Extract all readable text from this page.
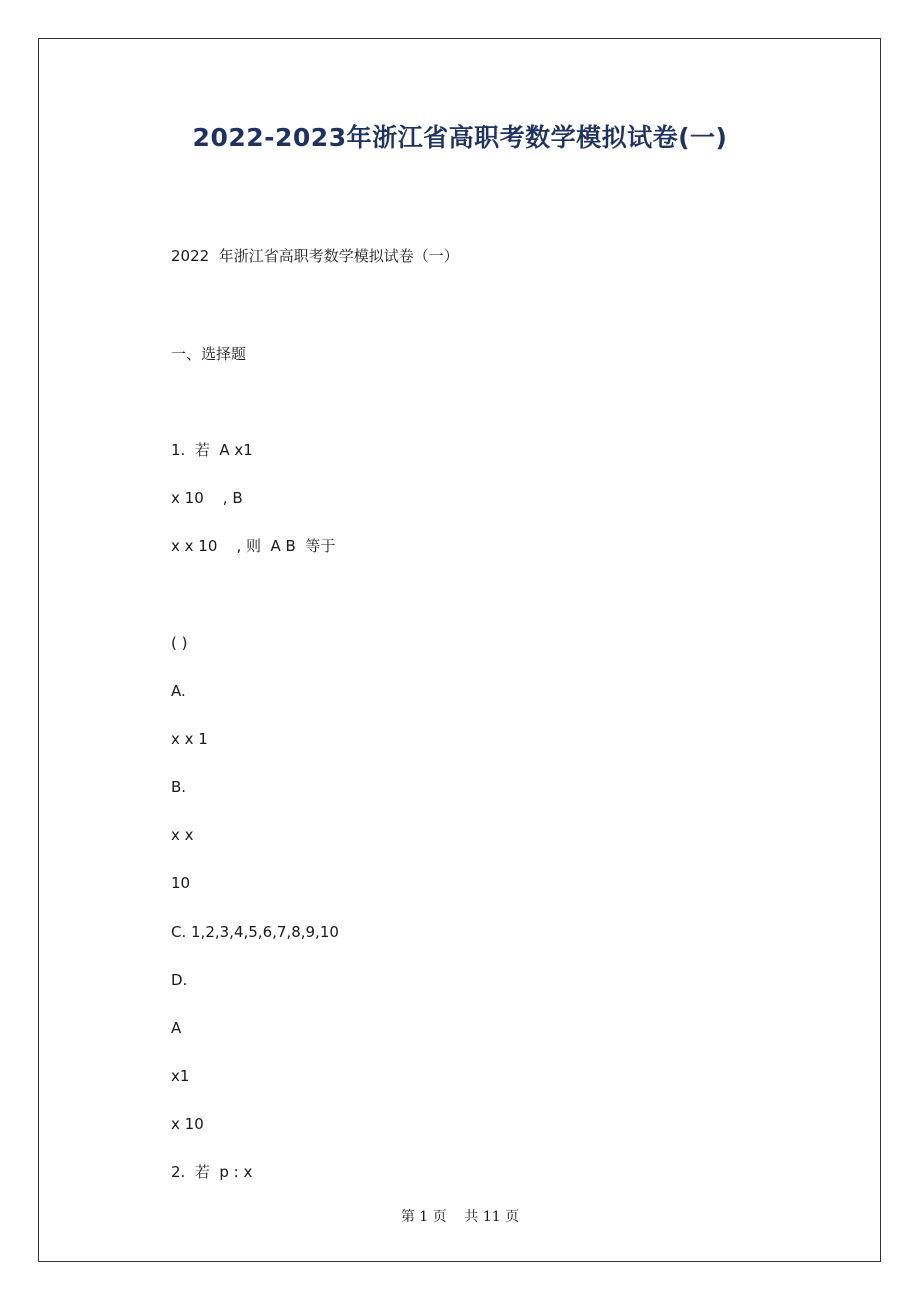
2022-2023年浙江省高职考数学模拟试卷(一)
2022  年浙江省高职考数学模拟试卷（一）
一、选择题
1.  若  A x1
x 10    , B
x x 10    , 则  A B  等于
( )
A.
x x 1
B.
x x
10
C. 1,2,3,4,5,6,7,8,9,10
D.
A
x1
x 10
2.  若  p : x
第 1 页    共 11 页
